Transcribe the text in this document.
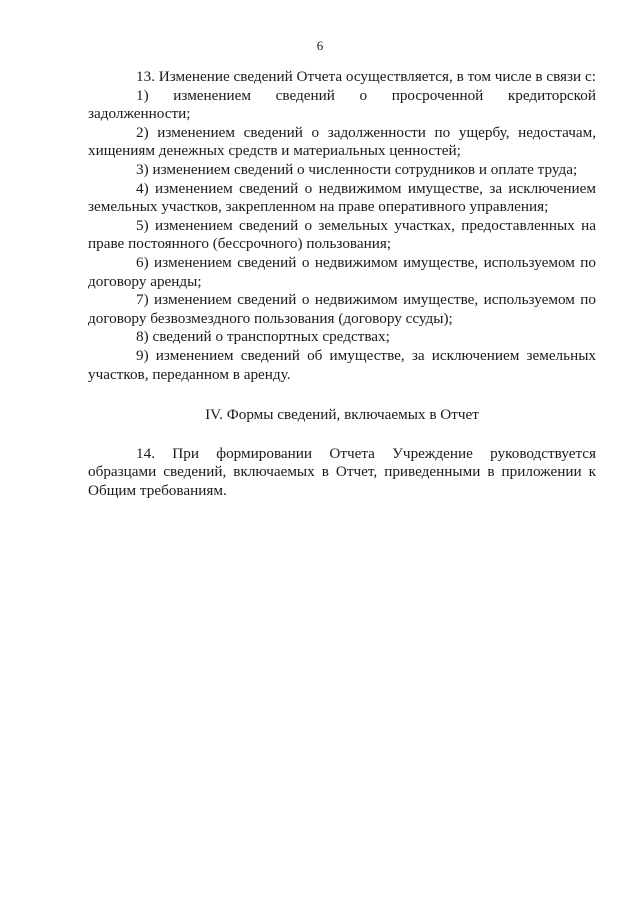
6

13. Изменение сведений Отчета осуществляется, в том числе в связи с:

1) изменением сведений о просроченной кредиторской задолженности;

2) изменением сведений о задолженности по ущербу, недостачам, хищениям денежных средств и материальных ценностей;

3) изменением сведений о численности сотрудников и оплате труда;

4) изменением сведений о недвижимом имуществе, за исключением земельных участков, закрепленном на праве оперативного управления;

5) изменением сведений о земельных участках, предоставленных на праве постоянного (бессрочного) пользования;

6) изменением сведений о недвижимом имуществе, используемом по договору аренды;

7) изменением сведений о недвижимом имуществе, используемом по договору безвозмездного пользования (договору ссуды);

8) сведений о транспортных средствах;

9) изменением сведений об имуществе, за исключением земельных участков, переданном в аренду.

IV. Формы сведений, включаемых в Отчет

14. При формировании Отчета Учреждение руководствуется образцами сведений, включаемых в Отчет, приведенными в приложении к Общим требованиям.
